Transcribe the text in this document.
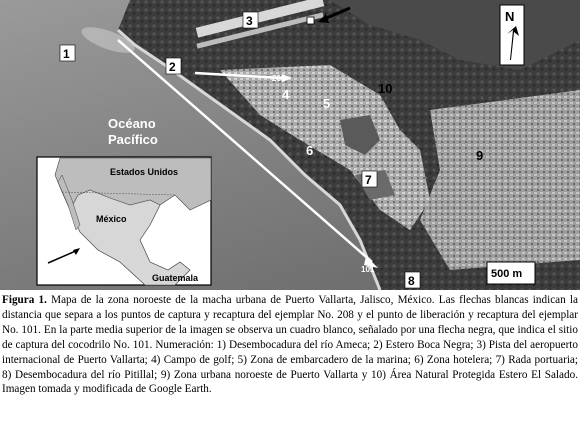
1
2
3
4
5
6
7
8
9
10
208
101
Océano
Pacífico
Estados Unidos
México
Guatemala
N
500 m

Figura 1. Mapa de la zona noroeste de la macha urbana de Puerto Vallarta, Jalisco, México. Las flechas blancas indican la distancia que separa a los puntos de captura y recaptura del ejemplar No. 208 y el punto de liberación y recaptura del ejemplar No. 101. En la parte media superior de la imagen se observa un cuadro blanco, señalado por una flecha negra, que indica el sitio de captura del cocodrilo No. 101. Numeración: 1) Desembocadura del río Ameca; 2) Estero Boca Negra; 3) Pista del aeropuerto internacional de Puerto Vallarta; 4) Campo de golf; 5) Zona de embarcadero de la marina; 6) Zona hotelera; 7) Rada portuaria; 8) Desembocadura del río Pitillal; 9) Zona urbana noroeste de Puerto Vallarta y 10) Área Natural Protegida Estero El Salado. Imagen tomada y modificada de Google Earth.
